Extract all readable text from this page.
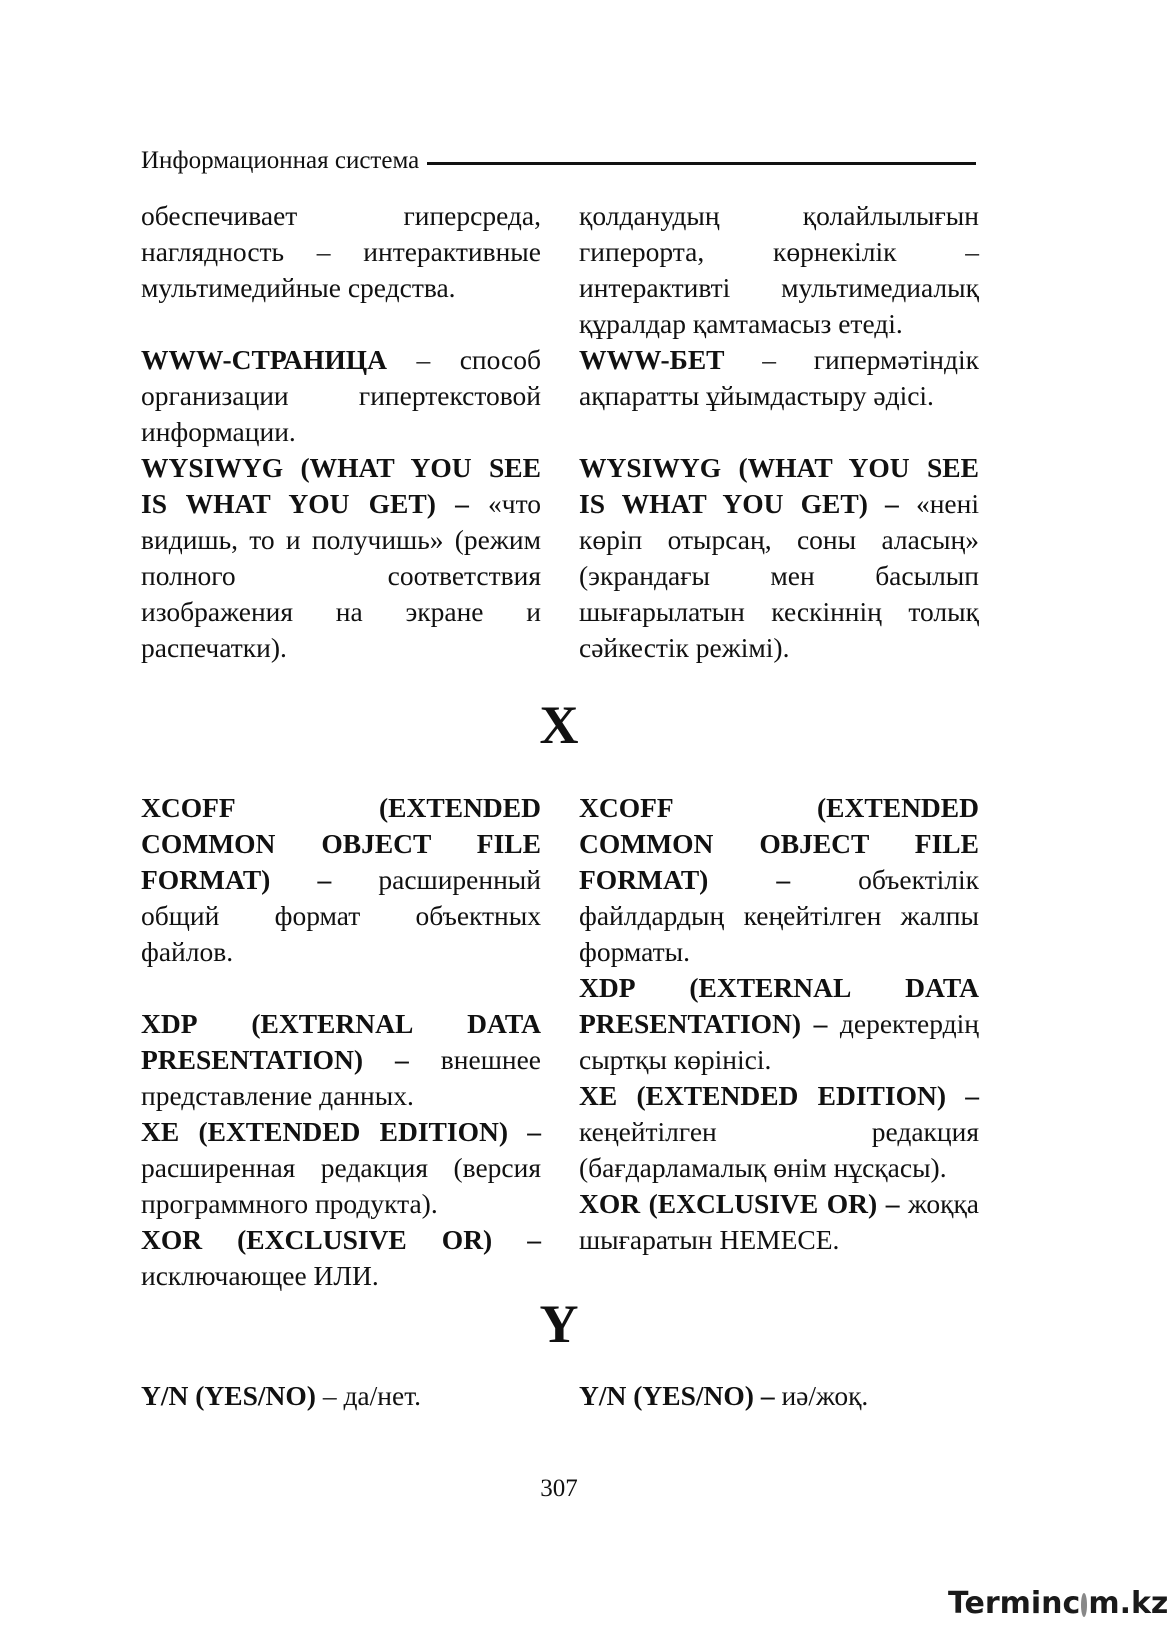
Информационная система

обеспечивает гиперсреда, наглядность – интерактивные мультимедийные средства.

WWW-СТРАНИЦА – способ организации гипертекстовой информации.

WYSIWYG (WHAT YOU SEE IS WHAT YOU GET) – «что видишь, то и получишь» (режим полного соответствия изображения на экране и распечатки).

қолданудың қолайлылығын гиперорта, көрнекілік – интерактивті мультимедиалық құралдар қамтамасыз етеді.

WWW-БЕТ – гипермәтіндік ақпаратты ұйымдастыру әдісі.

WYSIWYG (WHAT YOU SEE IS WHAT YOU GET) – «нені көріп отырсаң, соны аласың» (экрандағы мен басылып шығарылатын кескіннің толық сәйкестік режімі).

X

XCOFF (EXTENDED COMMON OBJECT FILE FORMAT) – расширенный общий формат объектных файлов.

XDP (EXTERNAL DATA PRESENTATION) – внешнее представление данных.

XE (EXTENDED EDITION) – расширенная редакция (версия программного продукта).

XOR (EXCLUSIVE OR) – исключающее ИЛИ.

XCOFF (EXTENDED COMMON OBJECT FILE FORMAT) – объектілік файлдардың кеңейтілген жалпы форматы.

XDP (EXTERNAL DATA PRESENTATION) – деректердің сыртқы көрінісі.

XE (EXTENDED EDITION) – кеңейтілген редакция (бағдарламалық өнім нұсқасы).

XOR (EXCLUSIVE OR) – жоққа шығаратын НЕМЕСЕ.

Y

Y/N (YES/NO) – да/нет.	Y/N (YES/NO) – иә/жоқ.

307
Terminc m.kz
